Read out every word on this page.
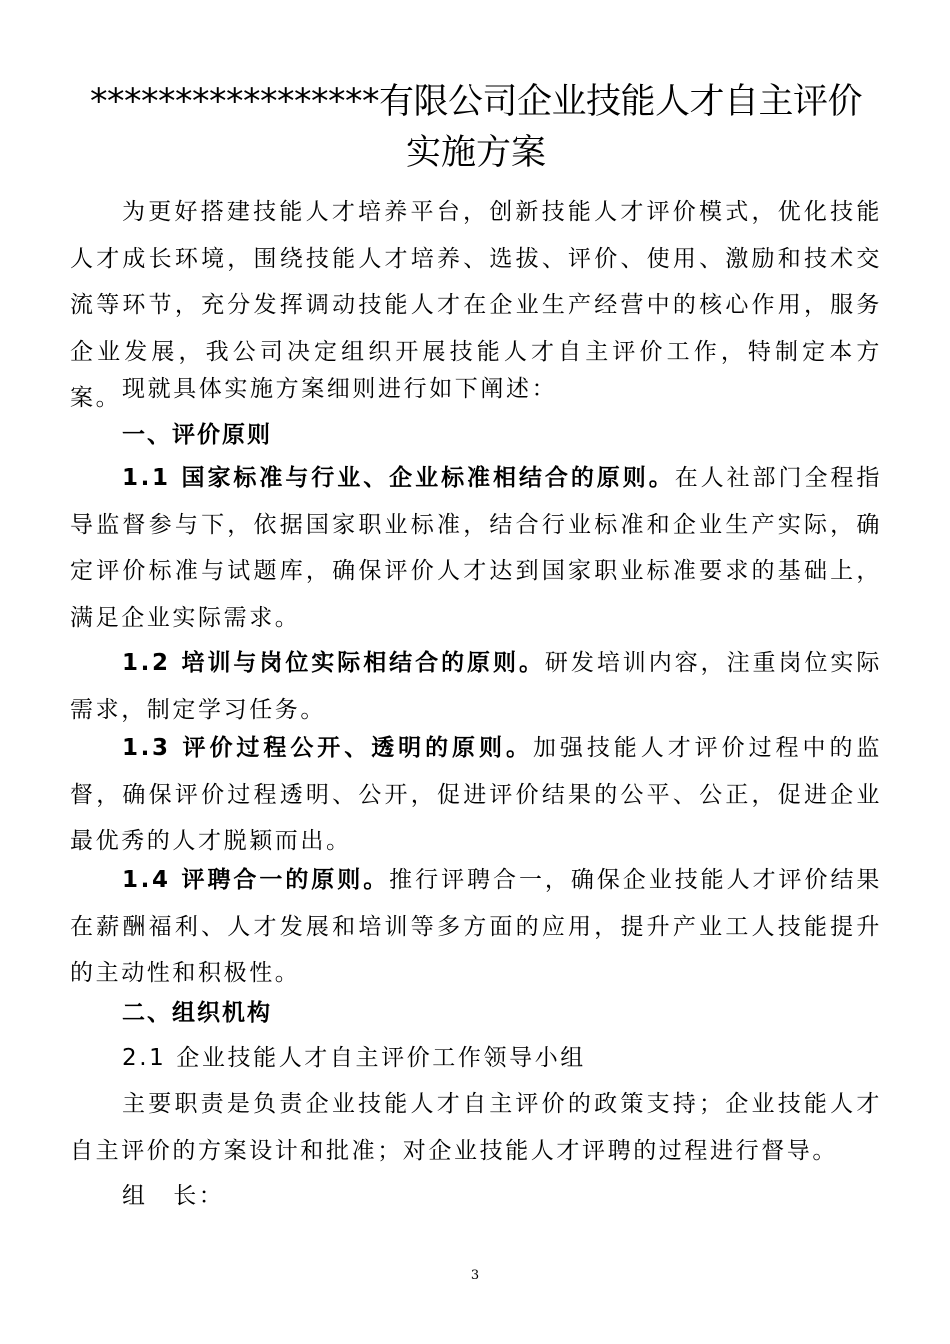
*****************有限公司企业技能人才自主评价
实施方案

为更好搭建技能人才培养平台，创新技能人才评价模式，优化技能人才成长环境，围绕技能人才培养、选拔、评价、使用、激励和技术交流等环节，充分发挥调动技能人才在企业生产经营中的核心作用，服务企业发展，我公司决定组织开展技能人才自主评价工作，特制定本方案。 现就具体实施方案细则进行如下阐述：

一、评价原则

1.1 国家标准与行业、企业标准相结合的原则。在人社部门全程指导监督参与下，依据国家职业标准，结合行业标准和企业生产实际，确定评价标准与试题库，确保评价人才达到国家职业标准要求的基础上，满足企业实际需求。

1.2 培训与岗位实际相结合的原则。研发培训内容，注重岗位实际需求，制定学习任务。

1.3 评价过程公开、透明的原则。加强技能人才评价过程中的监督，确保评价过程透明、公开，促进评价结果的公平、公正，促进企业最优秀的人才脱颖而出。

1.4 评聘合一的原则。推行评聘合一，确保企业技能人才评价结果在薪酬福利、人才发展和培训等多方面的应用，提升产业工人技能提升的主动性和积极性。

二、组织机构

2.1 企业技能人才自主评价工作领导小组

主要职责是负责企业技能人才自主评价的政策支持；企业技能人才自主评价的方案设计和批准；对企业技能人才评聘的过程进行督导。

组　长：

3
